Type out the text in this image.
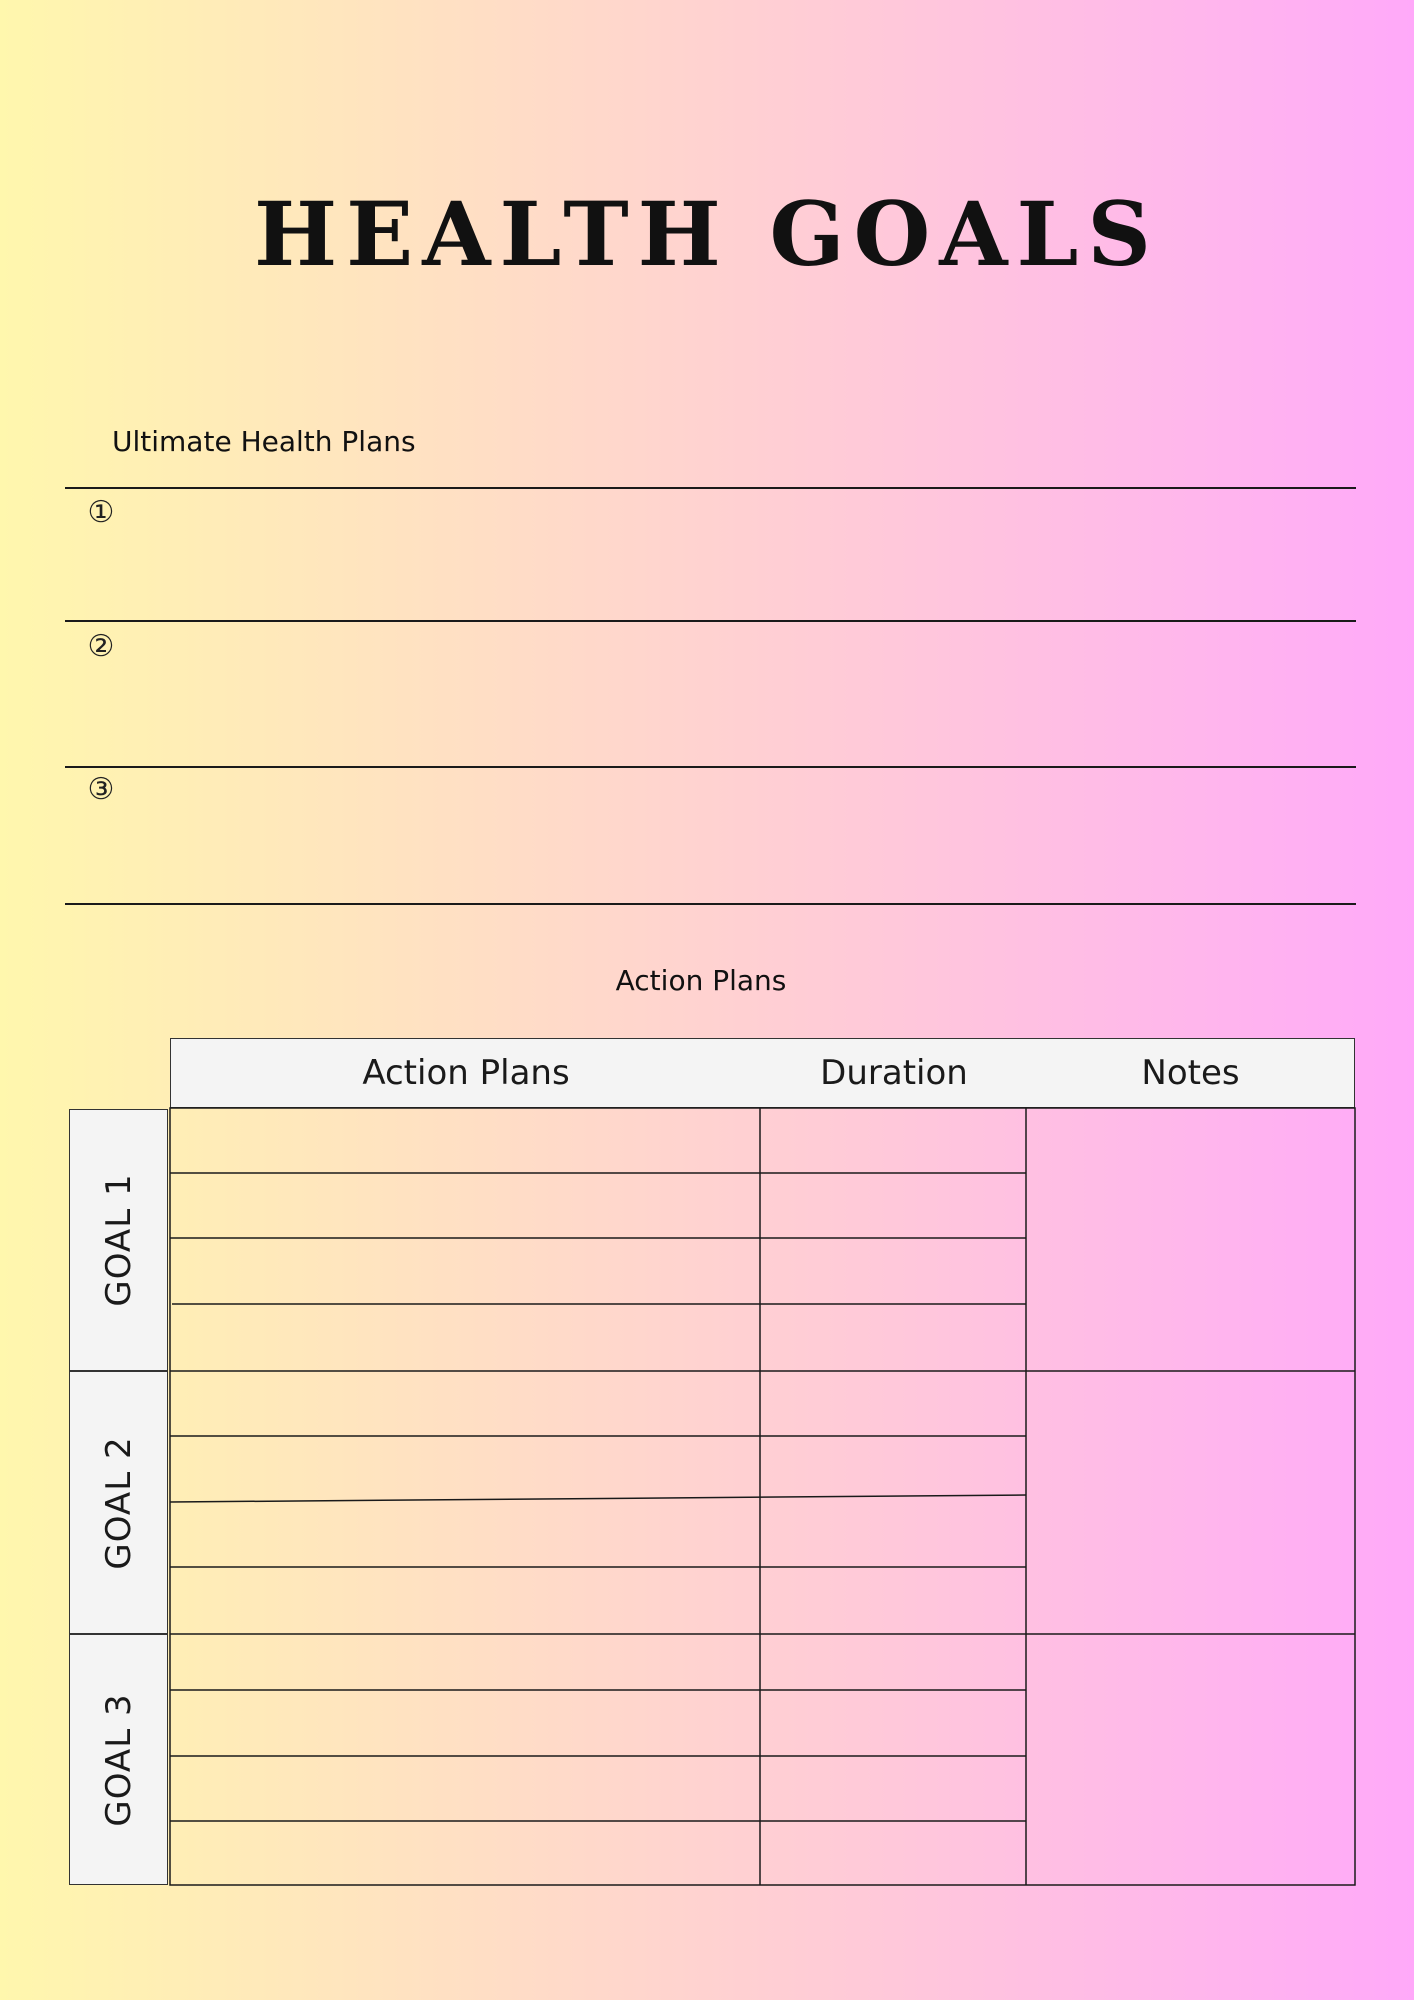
HEALTH GOALS
Ultimate Health Plans
①
②
③
Action Plans
Action Plans	Duration	Notes
GOAL 1
GOAL 2
GOAL 3
